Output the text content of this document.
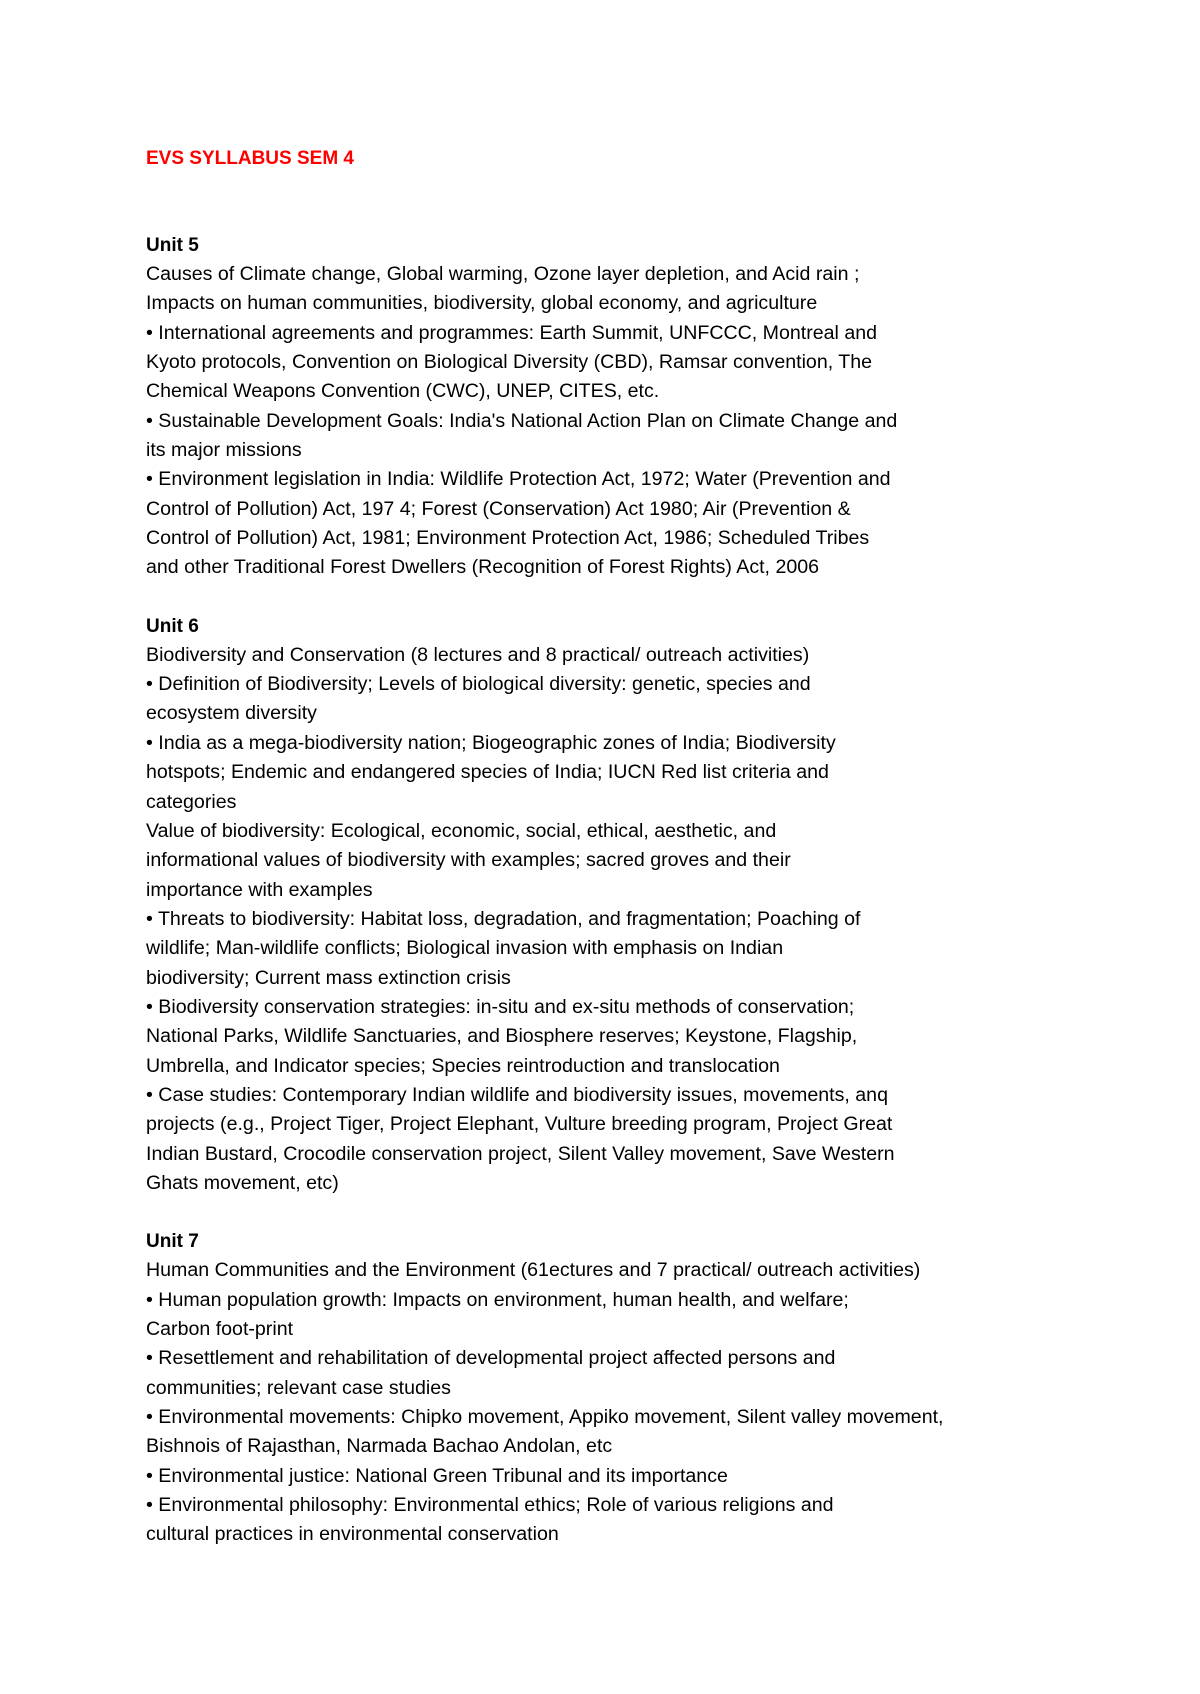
EVS SYLLABUS SEM 4
Unit 5

Causes of Climate change, Global warming, Ozone layer depletion, and Acid rain ;

Impacts on human communities, biodiversity, global economy, and agriculture

• International agreements and programmes: Earth Summit, UNFCCC, Montreal and

Kyoto protocols, Convention on Biological Diversity (CBD), Ramsar convention, The

Chemical Weapons Convention (CWC), UNEP, CITES, etc.

• Sustainable Development Goals: India's National Action Plan on Climate Change and

its major missions

• Environment legislation in India: Wildlife Protection Act, 1972; Water (Prevention and

Control of Pollution) Act, 197 4; Forest (Conservation) Act 1980; Air (Prevention &

Control of Pollution) Act, 1981; Environment Protection Act, 1986; Scheduled Tribes

and other Traditional Forest Dwellers (Recognition of Forest Rights) Act, 2006

Unit 6

Biodiversity and Conservation (8 lectures and 8 practical/ outreach activities)

• Definition of Biodiversity; Levels of biological diversity: genetic, species and

ecosystem diversity

• India as a mega-biodiversity nation; Biogeographic zones of India; Biodiversity

hotspots; Endemic and endangered species of India; IUCN Red list criteria and

categories

Value of biodiversity: Ecological, economic, social, ethical, aesthetic, and

informational values of biodiversity with examples; sacred groves and their

importance with examples

• Threats to biodiversity: Habitat loss, degradation, and fragmentation; Poaching of

wildlife; Man-wildlife conflicts; Biological invasion with emphasis on Indian

biodiversity; Current mass extinction crisis

• Biodiversity conservation strategies: in-situ and ex-situ methods of conservation;

National Parks, Wildlife Sanctuaries, and Biosphere reserves; Keystone, Flagship,

Umbrella, and Indicator species; Species reintroduction and translocation

• Case studies: Contemporary Indian wildlife and biodiversity issues, movements, anq

projects (e.g., Project Tiger, Project Elephant, Vulture breeding program, Project Great

Indian Bustard, Crocodile conservation project, Silent Valley movement, Save Western

Ghats movement, etc)

Unit 7

Human Communities and the Environment (61ectures and 7 practical/ outreach activities)

• Human population growth: Impacts on environment, human health, and welfare;

Carbon foot-print

• Resettlement and rehabilitation of developmental project affected persons and

communities; relevant case studies

• Environmental movements: Chipko movement, Appiko movement, Silent valley movement,

Bishnois of Rajasthan, Narmada Bachao Andolan, etc

• Environmental justice: National Green Tribunal and its importance

• Environmental philosophy: Environmental ethics; Role of various religions and

cultural practices in environmental conservation
